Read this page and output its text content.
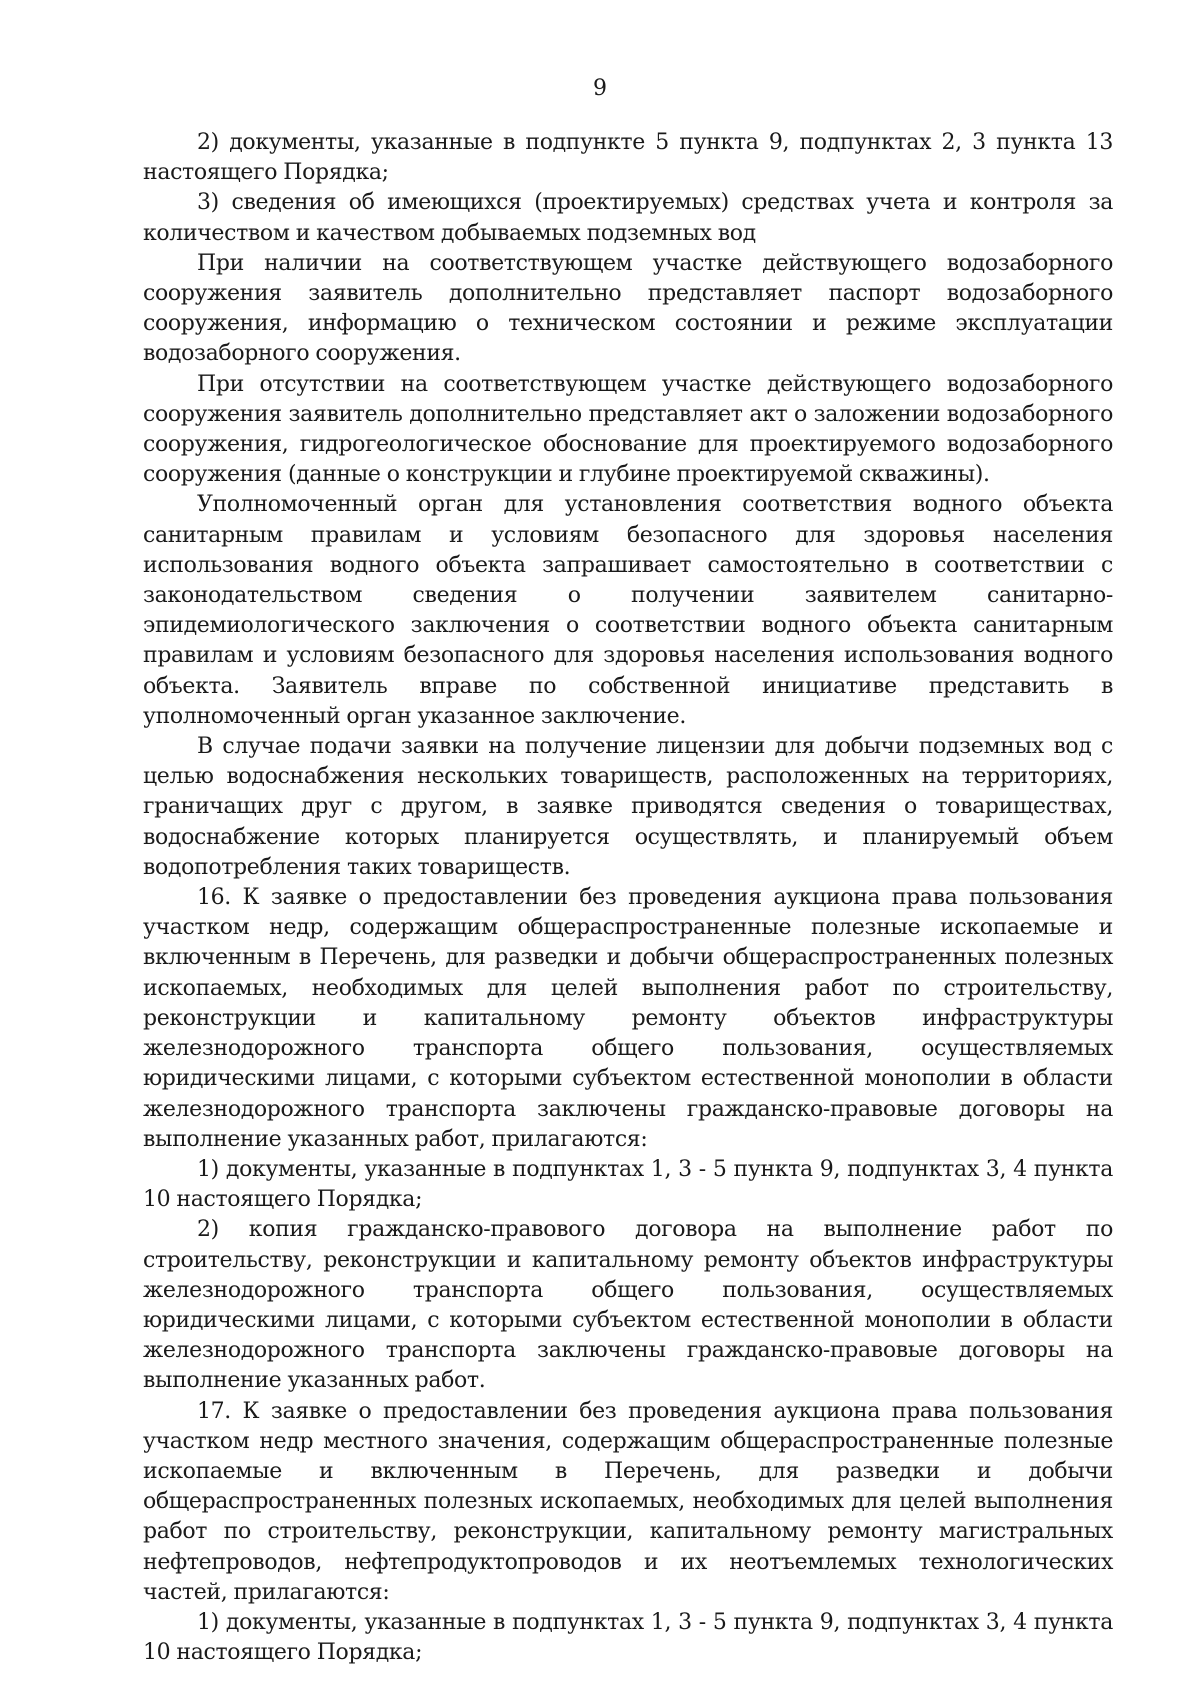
9

2) документы, указанные в подпункте 5 пункта 9, подпунктах 2, 3 пункта 13 настоящего Порядка;

3) сведения об имеющихся (проектируемых) средствах учета и контроля за количеством и качеством добываемых подземных вод

При наличии на соответствующем участке действующего водозаборного сооружения заявитель дополнительно представляет паспорт водозаборного сооружения, информацию о техническом состоянии и режиме эксплуатации водозаборного сооружения.

При отсутствии на соответствующем участке действующего водозаборного сооружения заявитель дополнительно представляет акт о заложении водозаборного сооружения, гидрогеологическое обоснование для проектируемого водозаборного сооружения (данные о конструкции и глубине проектируемой скважины).

Уполномоченный орган для установления соответствия водного объекта санитарным правилам и условиям безопасного для здоровья населения использования водного объекта запрашивает самостоятельно в соответствии с законодательством сведения о получении заявителем санитарно-эпидемиологического заключения о соответствии водного объекта санитарным правилам и условиям безопасного для здоровья населения использования водного объекта. Заявитель вправе по собственной инициативе представить в уполномоченный орган указанное заключение.

В случае подачи заявки на получение лицензии для добычи подземных вод с целью водоснабжения нескольких товариществ, расположенных на территориях, граничащих друг с другом, в заявке приводятся сведения о товариществах, водоснабжение которых планируется осуществлять, и планируемый объем водопотребления таких товариществ.

16. К заявке о предоставлении без проведения аукциона права пользования участком недр, содержащим общераспространенные полезные ископаемые и включенным в Перечень, для разведки и добычи общераспространенных полезных ископаемых, необходимых для целей выполнения работ по строительству, реконструкции и капитальному ремонту объектов инфраструктуры железнодорожного транспорта общего пользования, осуществляемых юридическими лицами, с которыми субъектом естественной монополии в области железнодорожного транспорта заключены гражданско-правовые договоры на выполнение указанных работ, прилагаются:

1) документы, указанные в подпунктах 1, 3 - 5 пункта 9, подпунктах 3, 4 пункта 10 настоящего Порядка;

2) копия гражданско-правового договора на выполнение работ по строительству, реконструкции и капитальному ремонту объектов инфраструктуры железнодорожного транспорта общего пользования, осуществляемых юридическими лицами, с которыми субъектом естественной монополии в области железнодорожного транспорта заключены гражданско-правовые договоры на выполнение указанных работ.

17. К заявке о предоставлении без проведения аукциона права пользования участком недр местного значения, содержащим общераспространенные полезные ископаемые и включенным в Перечень, для разведки и добычи общераспространенных полезных ископаемых, необходимых для целей выполнения работ по строительству, реконструкции, капитальному ремонту магистральных нефтепроводов, нефтепродуктопроводов и их неотъемлемых технологических частей, прилагаются:

1) документы, указанные в подпунктах 1, 3 - 5 пункта 9, подпунктах 3, 4 пункта 10 настоящего Порядка;
